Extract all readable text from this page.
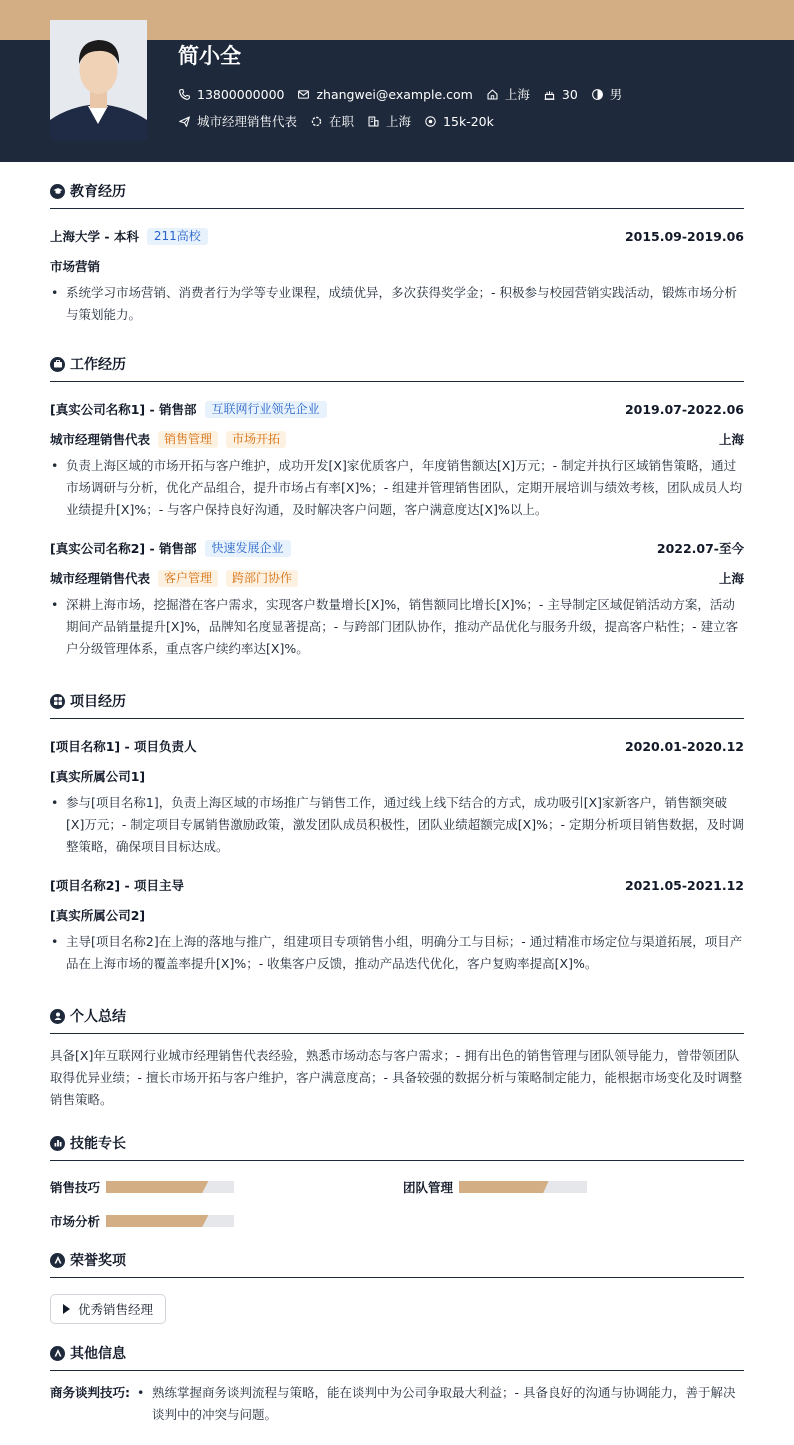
简小全
13800000000	zhangwei@example.com	上海	30	男
城市经理销售代表	在职	上海	15k-20k
教育经历
上海大学 - 本科	211高校	2015.09-2019.06
市场营销
• 系统学习市场营销、消费者行为学等专业课程，成绩优异，多次获得奖学金；- 积极参与校园营销实践活动，锻炼市场分析与策划能力。
工作经历
[真实公司名称1] - 销售部	互联网行业领先企业	2019.07-2022.06
城市经理销售代表	销售管理	市场开拓	上海
• 负责上海区域的市场开拓与客户维护，成功开发[X]家优质客户，年度销售额达[X]万元；- 制定并执行区域销售策略，通过市场调研与分析，优化产品组合，提升市场占有率[X]%；- 组建并管理销售团队，定期开展培训与绩效考核，团队成员人均业绩提升[X]%；- 与客户保持良好沟通，及时解决客户问题，客户满意度达[X]%以上。
[真实公司名称2] - 销售部	快速发展企业	2022.07-至今
城市经理销售代表	客户管理	跨部门协作	上海
• 深耕上海市场，挖掘潜在客户需求，实现客户数量增长[X]%，销售额同比增长[X]%；- 主导制定区域促销活动方案，活动期间产品销量提升[X]%，品牌知名度显著提高；- 与跨部门团队协作，推动产品优化与服务升级，提高客户粘性；- 建立客户分级管理体系，重点客户续约率达[X]%。
项目经历
[项目名称1] - 项目负责人	2020.01-2020.12
[真实所属公司1]
• 参与[项目名称1]，负责上海区域的市场推广与销售工作，通过线上线下结合的方式，成功吸引[X]家新客户，销售额突破[X]万元；- 制定项目专属销售激励政策，激发团队成员积极性，团队业绩超额完成[X]%；- 定期分析项目销售数据，及时调整策略，确保项目目标达成。
[项目名称2] - 项目主导	2021.05-2021.12
[真实所属公司2]
• 主导[项目名称2]在上海的落地与推广，组建项目专项销售小组，明确分工与目标；- 通过精准市场定位与渠道拓展，项目产品在上海市场的覆盖率提升[X]%；- 收集客户反馈，推动产品迭代优化，客户复购率提高[X]%。
个人总结
具备[X]年互联网行业城市经理销售代表经验，熟悉市场动态与客户需求；- 拥有出色的销售管理与团队领导能力，曾带领团队取得优异业绩；- 擅长市场开拓与客户维护，客户满意度高；- 具备较强的数据分析与策略制定能力，能根据市场变化及时调整销售策略。
技能专长
销售技巧	团队管理
市场分析
荣誉奖项
优秀销售经理
其他信息
商务谈判技巧:
•	熟练掌握商务谈判流程与策略，能在谈判中为公司争取最大利益；- 具备良好的沟通与协调能力，善于解决谈判中的冲突与问题。
